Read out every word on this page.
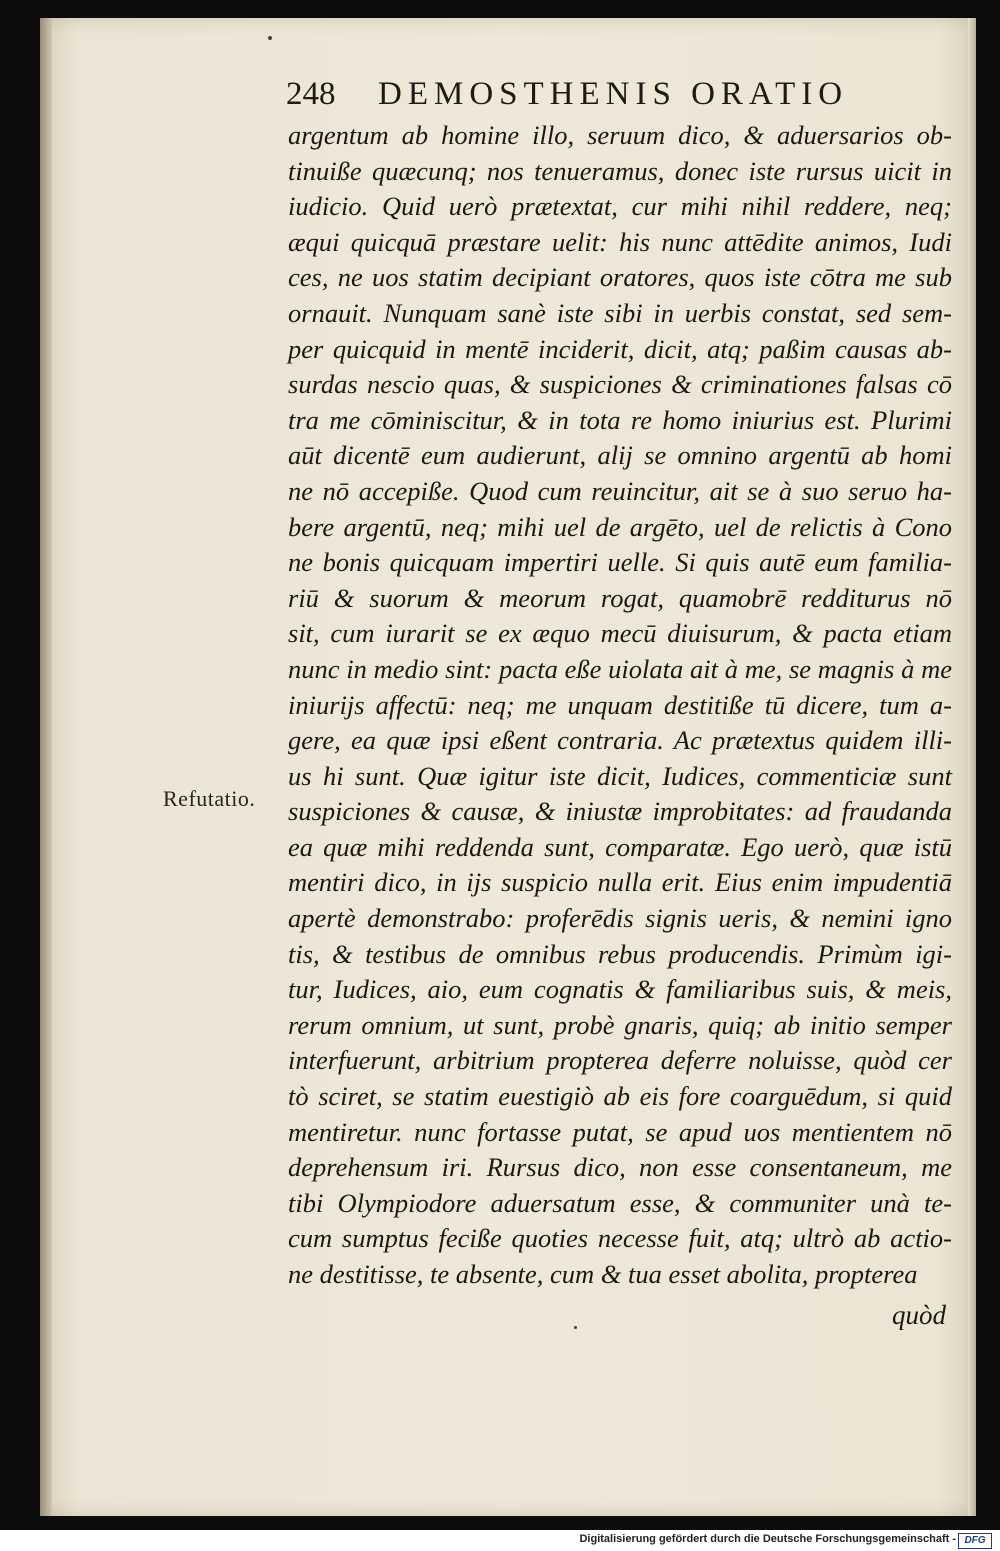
248 DEMOSTHENIS ORATIO
Refutatio.
argentum ab homine illo, seruum dico, & aduersarios ob-
tinuiße quæcunq; nos tenueramus, donec iste rursus uicit in
iudicio. Quid uerò prætextat, cur mihi nihil reddere, neq;
æqui quicquā præstare uelit: his nunc attēdite animos, Iudi
ces, ne uos statim decipiant oratores, quos iste cōtra me sub
ornauit. Nunquam sanè iste sibi in uerbis constat, sed sem-
per quicquid in mentē inciderit, dicit, atq; paßim causas ab-
surdas nescio quas, & suspiciones & criminationes falsas cō
tra me cōminiscitur, & in tota re homo iniurius est. Plurimi
aūt dicentē eum audierunt, alij se omnino argentū ab homi
ne nō accepiße. Quod cum reuincitur, ait se à suo seruo ha-
bere argentū, neq; mihi uel de argēto, uel de relictis à Cono
ne bonis quicquam impertiri uelle. Si quis autē eum familia-
riū & suorum & meorum rogat, quamobrē redditurus nō
sit, cum iurarit se ex æquo mecū diuisurum, & pacta etiam
nunc in medio sint: pacta eße uiolata ait à me, se magnis à me
iniurijs affectū: neq; me unquam destitiße tū dicere, tum a-
gere, ea quæ ipsi eßent contraria. Ac prætextus quidem illi-
us hi sunt. Quæ igitur iste dicit, Iudices, commenticiæ sunt
suspiciones & causæ, & iniustæ improbitates: ad fraudanda
ea quæ mihi reddenda sunt, comparatæ. Ego uerò, quæ istū
mentiri dico, in ijs suspicio nulla erit. Eius enim impudentiā
apertè demonstrabo: proferēdis signis ueris, & nemini igno
tis, & testibus de omnibus rebus producendis. Primùm igi-
tur, Iudices, aio, eum cognatis & familiaribus suis, & meis,
rerum omnium, ut sunt, probè gnaris, quiq; ab initio semper
interfuerunt, arbitrium propterea deferre noluisse, quòd cer
tò sciret, se statim euestigiò ab eis fore coarguēdum, si quid
mentiretur. nunc fortasse putat, se apud uos mentientem nō
deprehensum iri. Rursus dico, non esse consentaneum, me
tibi Olympiodore aduersatum esse, & communiter unà te-
cum sumptus feciße quoties necesse fuit, atq; ultrò ab actio-
ne destitisse, te absente, cum & tua esset abolita, propterea
quòd
Digitalisierung gefördert durch die Deutsche Forschungsgemeinschaft - DFG
